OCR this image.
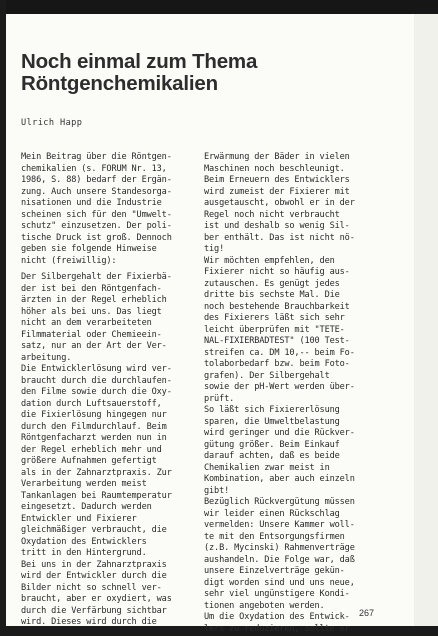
Noch einmal zum Thema
Röntgenchemikalien
Ulrich Happ
Mein Beitrag über die Röntgen-
chemikalien (s. FORUM Nr. 13,
1986, S. 88) bedarf der Ergän-
zung. Auch unsere Standesorga-
nisationen und die Industrie
scheinen sich für den "Umwelt-
schutz" einzusetzen. Der poli-
tische Druck ist groß. Dennoch
geben sie folgende Hinweise
nicht (freiwillig):
Der Silbergehalt der Fixierbä-
der ist bei den Röntgenfach-
ärzten in der Regel erheblich
höher als bei uns. Das liegt
nicht an dem verarbeiteten
Filmmaterial oder Chemieein-
satz, nur an der Art der Ver-
arbeitung.
Die Entwicklerlösung wird ver-
braucht durch die durchlaufen-
den Filme sowie durch die Oxy-
dation durch Luftsauerstoff,
die Fixierlösung hingegen nur
durch den Filmdurchlauf. Beim
Röntgenfacharzt werden nun in
der Regel erheblich mehr und
größere Aufnahmen gefertigt
als in der Zahnarztpraxis. Zur
Verarbeitung werden meist
Tankanlagen bei Raumtemperatur
eingesetzt. Dadurch werden
Entwickler und Fixierer
gleichmäßiger verbraucht, die
Oxydation des Entwicklers
tritt in den Hintergrund.
Bei uns in der Zahnarztpraxis
wird der Entwickler durch die
Bilder nicht so schnell ver-
braucht, aber er oxydiert, was
durch die Verfärbung sichtbar
wird. Dieses wird durch die
Erwärmung der Bäder in vielen
Maschinen noch beschleunigt.
Beim Erneuern des Entwicklers
wird zumeist der Fixierer mit
ausgetauscht, obwohl er in der
Regel noch nicht verbraucht
ist und deshalb so wenig Sil-
ber enthält. Das ist nicht nö-
tig!
Wir möchten empfehlen, den
Fixierer nicht so häufig aus-
zutauschen. Es genügt jedes
dritte bis sechste Mal. Die
noch bestehende Brauchbarkeit
des Fixierers läßt sich sehr
leicht überprüfen mit "TETE-
NAL-FIXIERBADTEST" (100 Test-
streifen ca. DM 10,-- beim Fo-
tolaborbedarf bzw. beim Foto-
grafen). Der Silbergehalt
sowie der pH-Wert werden über-
prüft.
So läßt sich Fixiererlösung
sparen, die Umweltbelastung
wird geringer und die Rückver-
gütung größer. Beim Einkauf
darauf achten, daß es beide
Chemikalien zwar meist in
Kombination, aber auch einzeln
gibt!
Bezüglich Rückvergütung müssen
wir leider einen Rückschlag
vermelden: Unsere Kammer woll-
te mit den Entsorgungsfirmen
(z.B. Mycinski) Rahmenverträge
aushandeln. Die Folge war, daß
unsere Einzelverträge gekün-
digt worden sind und uns neue,
sehr viel ungünstigere Kondi-
tionen angeboten werden.
Um die Oxydation des Entwick-
lers zu reduzieren, sollte er
267
